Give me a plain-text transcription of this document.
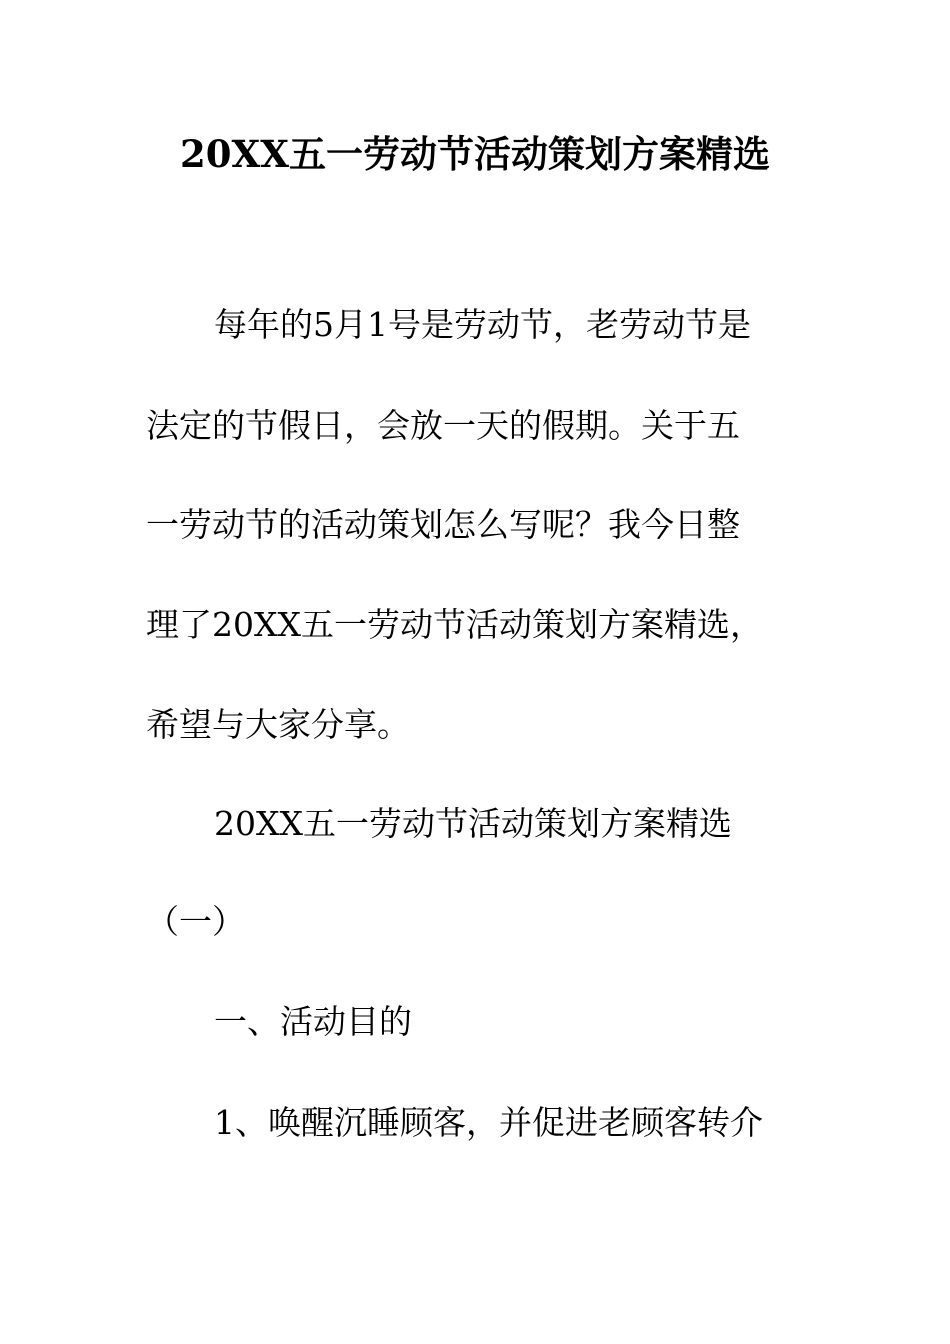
20XX五一劳动节活动策划方案精选
每年的5月1号是劳动节，老劳动节是
法定的节假日，会放一天的假期。关于五
一劳动节的活动策划怎么写呢？我今日整
理了20XX五一劳动节活动策划方案精选，
希望与大家分享。
20XX五一劳动节活动策划方案精选
（一）
一、活动目的
1、唤醒沉睡顾客，并促进老顾客转介
